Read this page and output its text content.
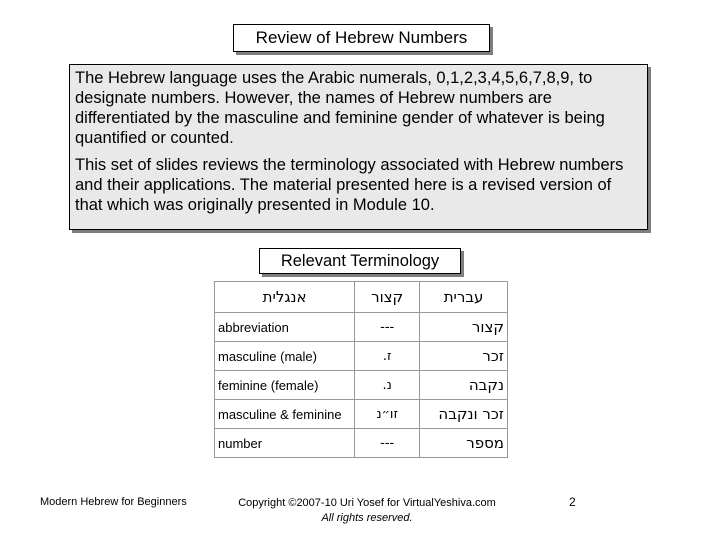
Review of Hebrew Numbers

The Hebrew language uses the Arabic numerals, 0,1,2,3,4,5,6,7,8,9, to designate numbers. However, the names of Hebrew numbers are differentiated by the masculine and feminine gender of whatever is being quantified or counted.

This set of slides reviews the terminology associated with Hebrew numbers and their applications. The material presented here is a revised version of that which was originally presented in Module 10.

Relevant Terminology
אנגלית	קצור	עברית
abbreviation	---	קצור
masculine (male)	ז.	זכר
feminine (female)	נ.	נקבה
masculine & feminine	זו״נ	זכר ונקבה
number	---	מספר
Modern Hebrew for Beginners	Copyright ©2007-10 Uri Yosef for VirtualYeshiva.com
All rights reserved.
2
